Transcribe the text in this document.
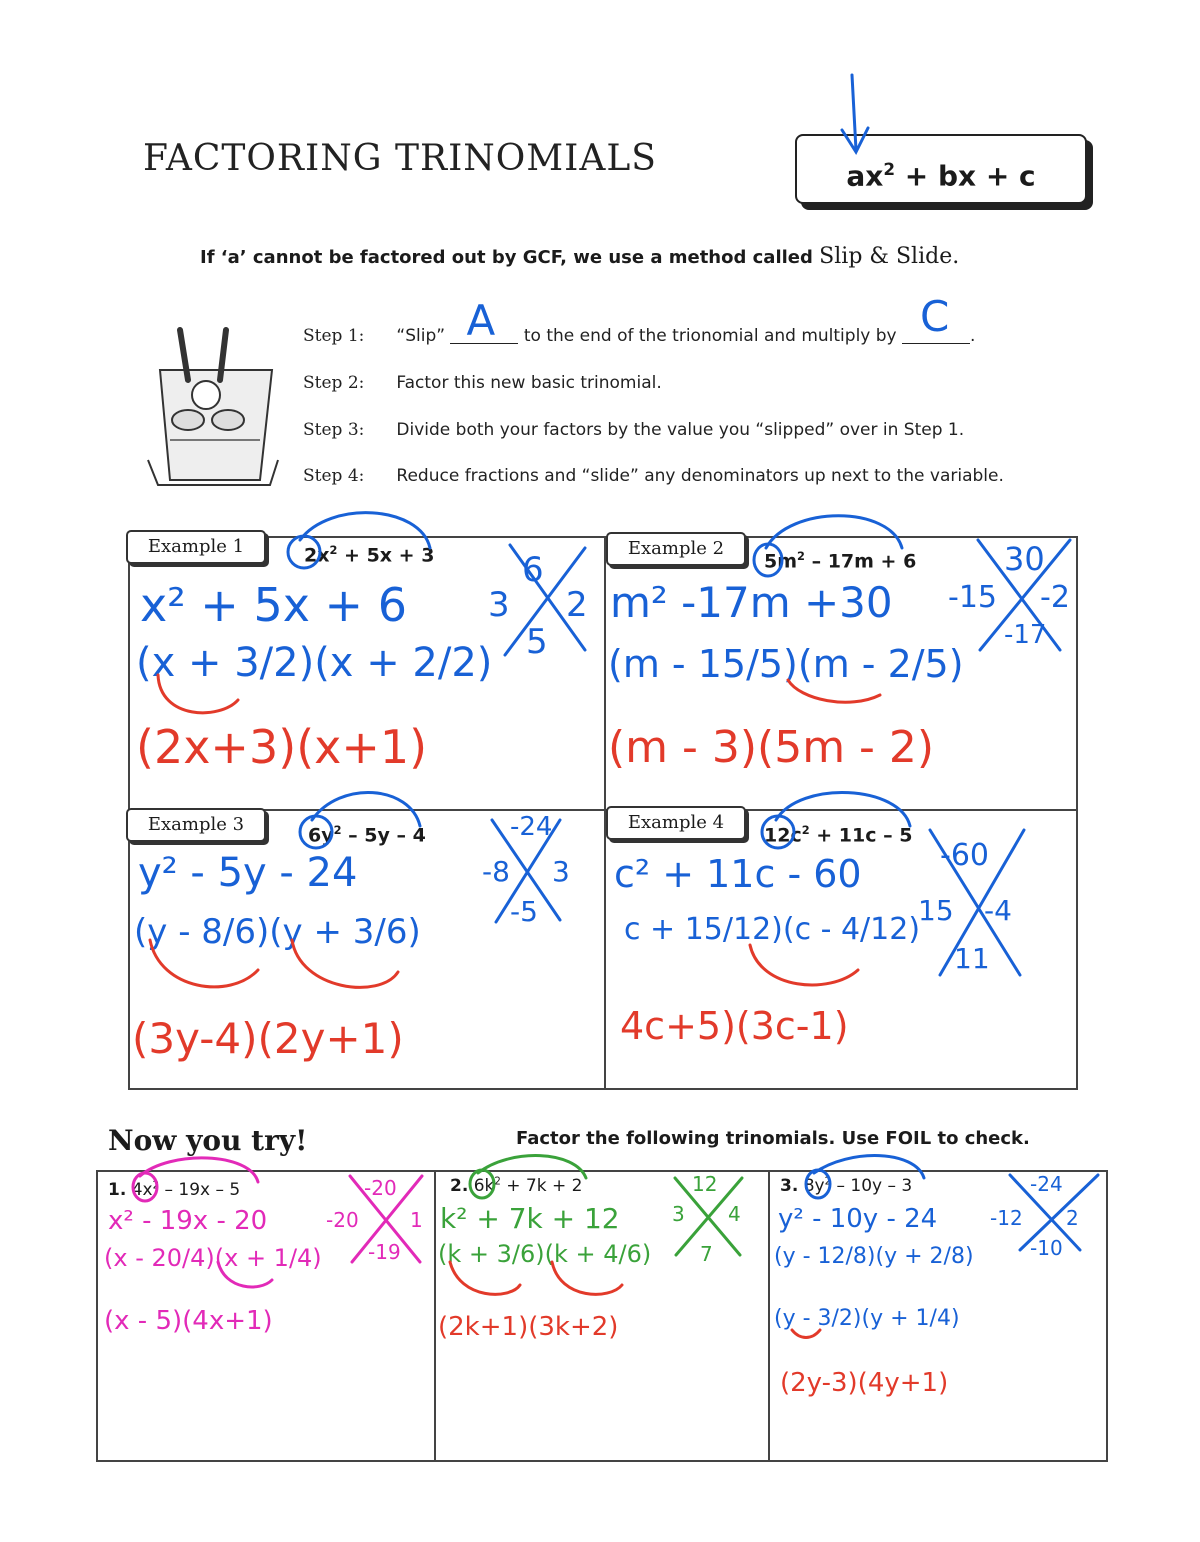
FACTORING TRINOMIALS	$ax^2$ + bx + c
If ‘a’ cannot be factored out by GCF, we use a method called Slip & Slide.
Step 1: “Slip” A to the end of the trionomial and multiply by C .
Step 2: Factor this new basic trinomial.
Step 3: Divide both your factors by the value you “slipped” over in Step 1.
Step 4: Reduce fractions and “slide” any denominators up next to the variable.
Example 1	$2x^2 + 5x + 3$
x² + 5x + 6
(x + 3/2)(x + 2/2)
(2x+3)(x+1)
6
3 2
5
Example 2
$5m^2 - 17m + 6$
m² -17m +30
(m - 15/5)(m - 2/5)
(m - 3)(5m - 2)
30
-15 -2
-17
Example 3	$6y^2 - 5y - 4$
y² - 5y - 24
(y - 8/6)(y + 3/6)
(3y-4)(2y+1)
-24
-8 3
-5
Example 4
$12c^2 + 11c - 5$
c² + 11c - 60
c + 15/12)(c - 4/12)
4c+5)(3c-1)
-60
15 -4
11
Now you try!	Factor the following trinomials. Use FOIL to check.
1. $4x^2 - 19x - 5$
x² - 19x - 20
(x - 20/4)(x + 1/4)
(x - 5)(4x+1)
-20
-20	1
-19
2. $6k^2 + 7k + 2$
k² + 7k + 12
(k + 3/6)(k + 4/6)
(2k+1)(3k+2)
12
3 4
7
3. $8y^2 - 10y - 3$
y² - 10y - 24
(y - 12/8)(y + 2/8)
(y - 3/2)(y + 1/4)
(2y-3)(4y+1)
-24
-12 2
-10
